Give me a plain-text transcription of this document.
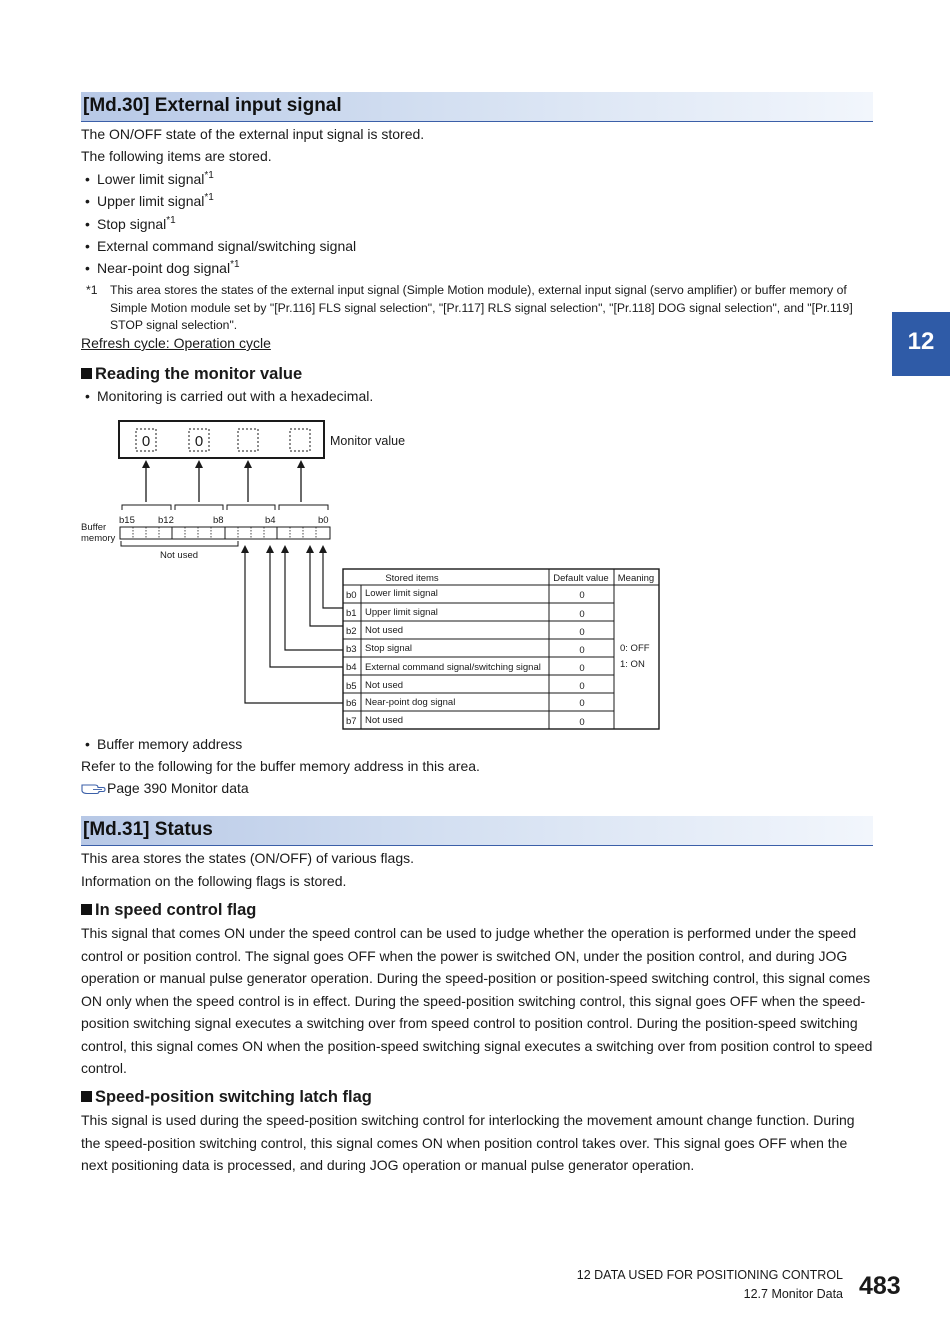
12
[Md.30] External input signal
The ON/OFF state of the external input signal is stored.
The following items are stored.
• Lower limit signal$^{*1}$
• Upper limit signal$^{*1}$
• Stop signal$^{*1}$
• External command signal/switching signal
• Near-point dog signal$^{*1}$
*1 This area stores the states of the external input signal (Simple Motion module), external input signal (servo amplifier) or buffer memory of Simple Motion module set by "[Pr.116] FLS signal selection", "[Pr.117] RLS signal selection", "[Pr.118] DOG signal selection", and "[Pr.119] STOP signal selection".
Refresh cycle: Operation cycle
Reading the monitor value
• Monitoring is carried out with a hexadecimal.
0	0	Monitor value
Buffer
memory
b15 b12	b8	b4	b0
Not used
Stored items	Default value Meaning
b0 Lower limit signal	0
b1 Upper limit signal	0
b2 Not used	0
b3 Stop signal	0
b4 External command signal/switching signal	0
b5 Not used	0
b6 Near-point dog signal	0
b7 Not used	0
0: OFF
1: ON
• Buffer memory address
Refer to the following for the buffer memory address in this area.
Page 390 Monitor data
[Md.31] Status
This area stores the states (ON/OFF) of various flags.
Information on the following flags is stored.
In speed control flag
This signal that comes ON under the speed control can be used to judge whether the operation is performed under the speed control or position control. The signal goes OFF when the power is switched ON, under the position control, and during JOG operation or manual pulse generator operation. During the speed-position or position-speed switching control, this signal comes ON only when the speed control is in effect. During the speed-position switching control, this signal goes OFF when the speed-position switching signal executes a switching over from speed control to position control. During the position-speed switching control, this signal comes ON when the position-speed switching signal executes a switching over from position control to speed control.
Speed-position switching latch flag
This signal is used during the speed-position switching control for interlocking the movement amount change function. During the speed-position switching control, this signal comes ON when position control takes over. This signal goes OFF when the next positioning data is processed, and during JOG operation or manual pulse generator operation.
12 DATA USED FOR POSITIONING CONTROL
12.7 Monitor Data 483
